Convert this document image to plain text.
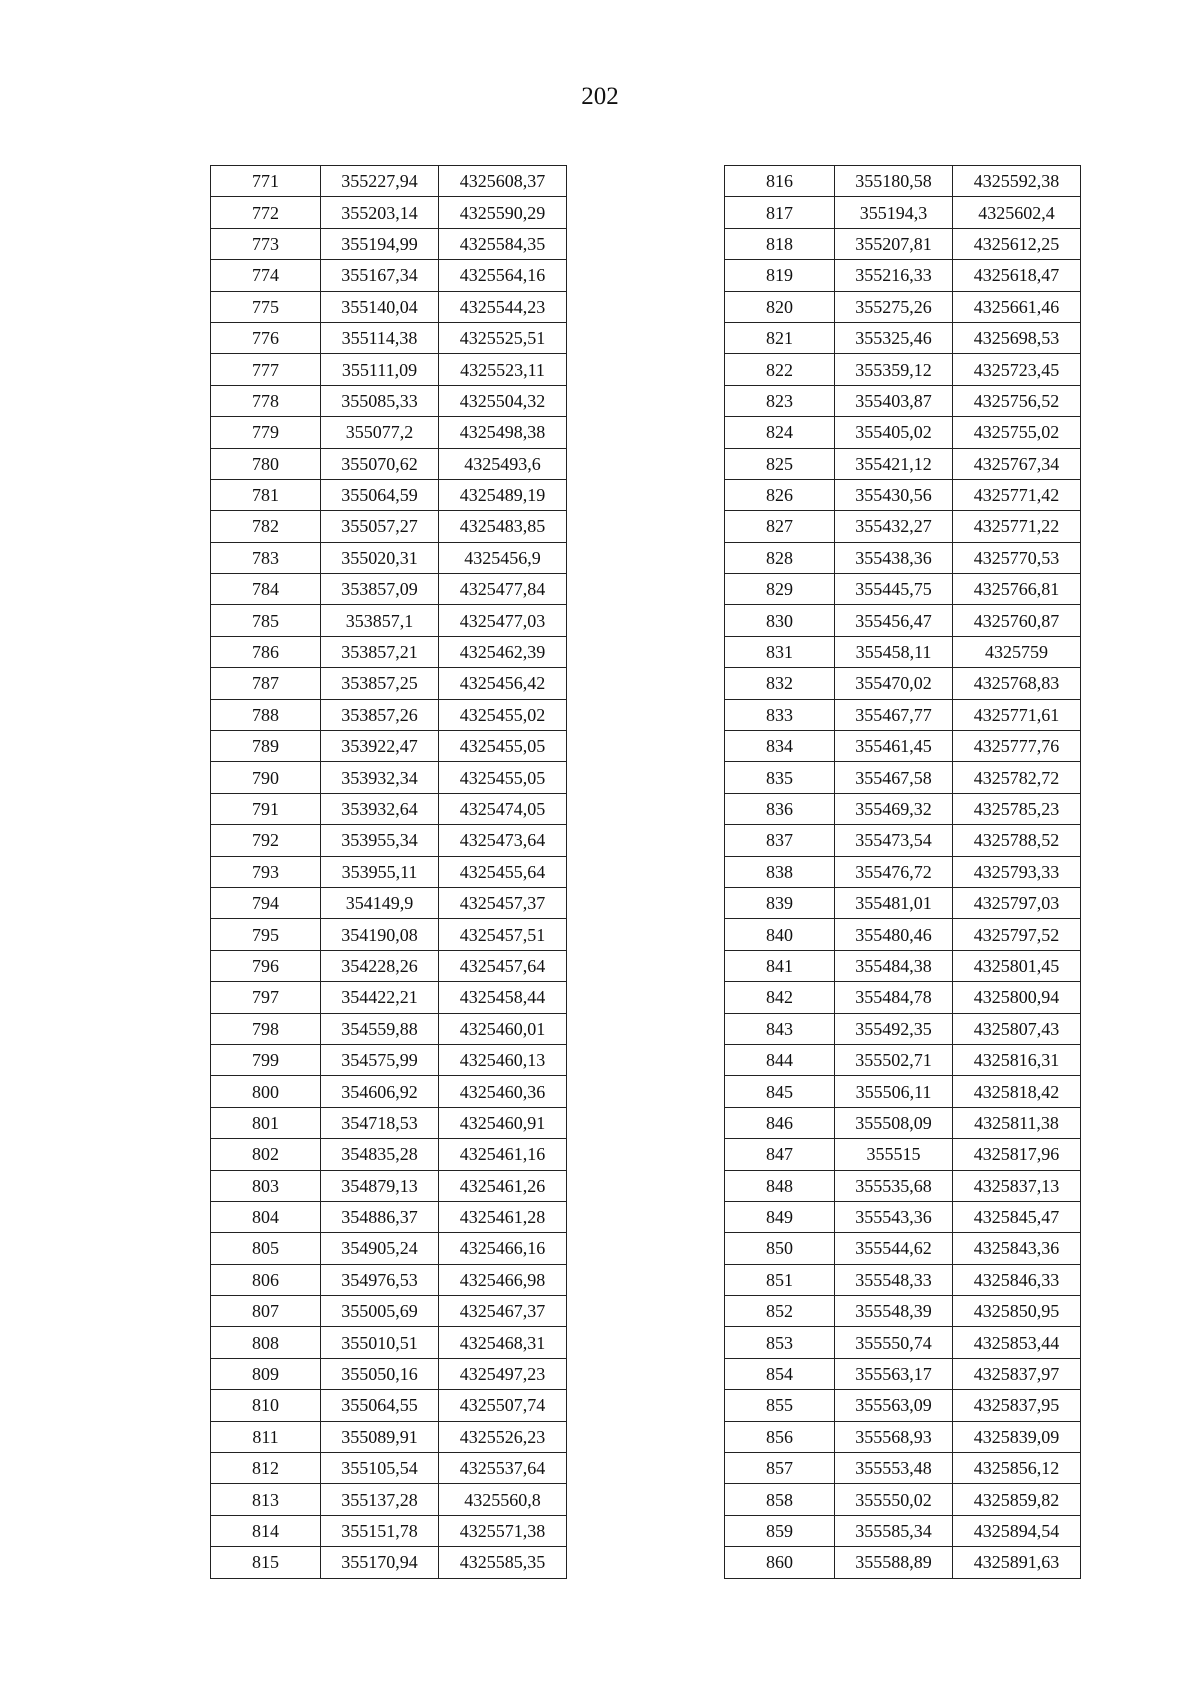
202
771	355227,94	4325608,37
772	355203,14	4325590,29
773	355194,99	4325584,35
774	355167,34	4325564,16
775	355140,04	4325544,23
776	355114,38	4325525,51
777	355111,09	4325523,11
778	355085,33	4325504,32
779	355077,2	4325498,38
780	355070,62	4325493,6
781	355064,59	4325489,19
782	355057,27	4325483,85
783	355020,31	4325456,9
784	353857,09	4325477,84
785	353857,1	4325477,03
786	353857,21	4325462,39
787	353857,25	4325456,42
788	353857,26	4325455,02
789	353922,47	4325455,05
790	353932,34	4325455,05
791	353932,64	4325474,05
792	353955,34	4325473,64
793	353955,11	4325455,64
794	354149,9	4325457,37
795	354190,08	4325457,51
796	354228,26	4325457,64
797	354422,21	4325458,44
798	354559,88	4325460,01
799	354575,99	4325460,13
800	354606,92	4325460,36
801	354718,53	4325460,91
802	354835,28	4325461,16
803	354879,13	4325461,26
804	354886,37	4325461,28
805	354905,24	4325466,16
806	354976,53	4325466,98
807	355005,69	4325467,37
808	355010,51	4325468,31
809	355050,16	4325497,23
810	355064,55	4325507,74
811	355089,91	4325526,23
812	355105,54	4325537,64
813	355137,28	4325560,8
814	355151,78	4325571,38
815	355170,94	4325585,35
816	355180,58	4325592,38
817	355194,3	4325602,4
818	355207,81	4325612,25
819	355216,33	4325618,47
820	355275,26	4325661,46
821	355325,46	4325698,53
822	355359,12	4325723,45
823	355403,87	4325756,52
824	355405,02	4325755,02
825	355421,12	4325767,34
826	355430,56	4325771,42
827	355432,27	4325771,22
828	355438,36	4325770,53
829	355445,75	4325766,81
830	355456,47	4325760,87
831	355458,11	4325759
832	355470,02	4325768,83
833	355467,77	4325771,61
834	355461,45	4325777,76
835	355467,58	4325782,72
836	355469,32	4325785,23
837	355473,54	4325788,52
838	355476,72	4325793,33
839	355481,01	4325797,03
840	355480,46	4325797,52
841	355484,38	4325801,45
842	355484,78	4325800,94
843	355492,35	4325807,43
844	355502,71	4325816,31
845	355506,11	4325818,42
846	355508,09	4325811,38
847	355515	4325817,96
848	355535,68	4325837,13
849	355543,36	4325845,47
850	355544,62	4325843,36
851	355548,33	4325846,33
852	355548,39	4325850,95
853	355550,74	4325853,44
854	355563,17	4325837,97
855	355563,09	4325837,95
856	355568,93	4325839,09
857	355553,48	4325856,12
858	355550,02	4325859,82
859	355585,34	4325894,54
860	355588,89	4325891,63
